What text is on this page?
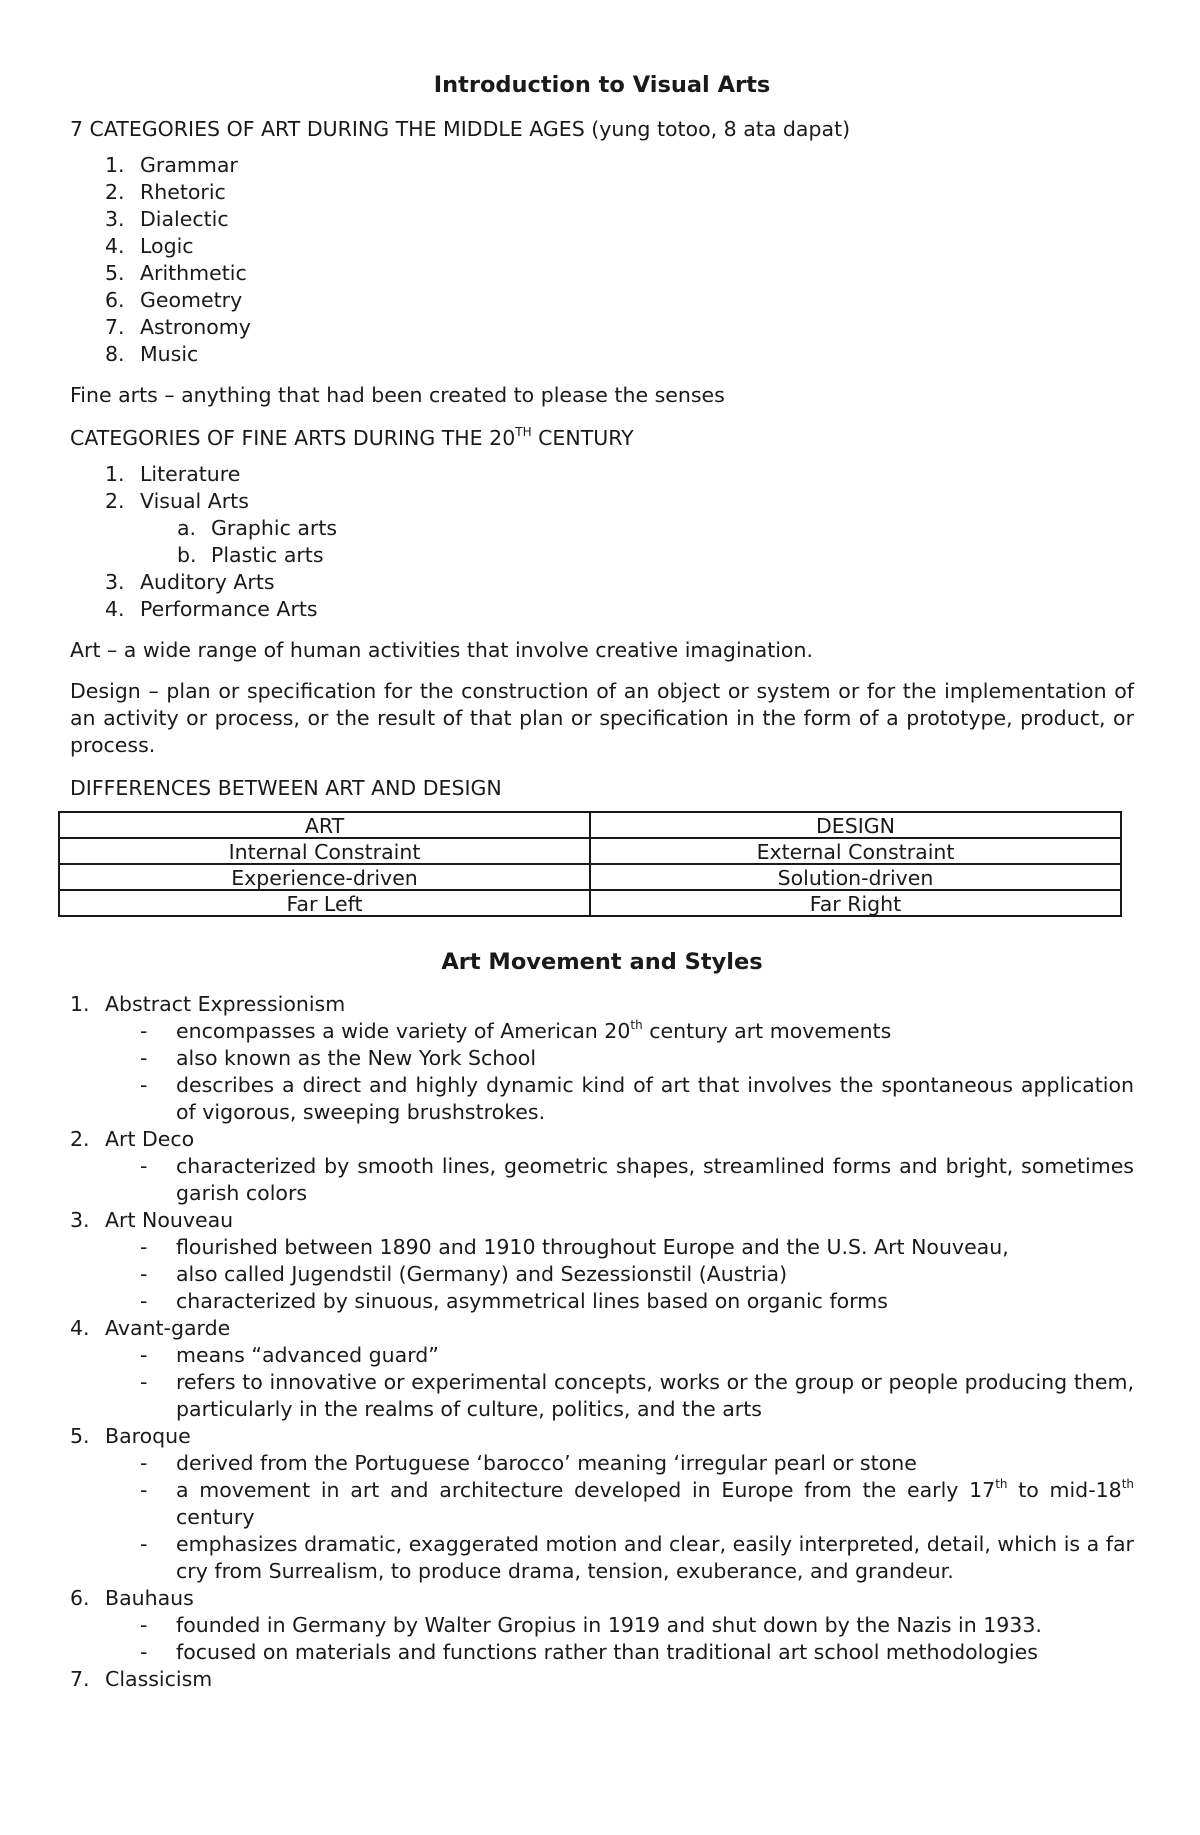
Introduction to Visual Arts
7 CATEGORIES OF ART DURING THE MIDDLE AGES (yung totoo, 8 ata dapat)
1. Grammar
2. Rhetoric
3. Dialectic
4. Logic
5. Arithmetic
6. Geometry
7. Astronomy
8. Music
Fine arts – anything that had been created to please the senses
CATEGORIES OF FINE ARTS DURING THE 20TH CENTURY
1. Literature
2. Visual Arts
a. Graphic arts
b. Plastic arts
3. Auditory Arts
4. Performance Arts
Art – a wide range of human activities that involve creative imagination.
Design – plan or specification for the construction of an object or system or for the implementation of an activity or process, or the result of that plan or specification in the form of a prototype, product, or process.
DIFFERENCES BETWEEN ART AND DESIGN
ART	DESIGN
Internal Constraint	External Constraint
Experience-driven	Solution-driven
Far Left	Far Right
Art Movement and Styles
1. Abstract Expressionism
- encompasses a wide variety of American 20th century art movements
- also known as the New York School
- describes a direct and highly dynamic kind of art that involves the spontaneous application of vigorous, sweeping brushstrokes.
2. Art Deco
- characterized by smooth lines, geometric shapes, streamlined forms and bright, sometimes garish colors
3. Art Nouveau
- flourished between 1890 and 1910 throughout Europe and the U.S. Art Nouveau,
- also called Jugendstil (Germany) and Sezessionstil (Austria)
- characterized by sinuous, asymmetrical lines based on organic forms
4. Avant-garde
- means “advanced guard”
- refers to innovative or experimental concepts, works or the group or people producing them, particularly in the realms of culture, politics, and the arts
5. Baroque
- derived from the Portuguese ‘barocco’ meaning ‘irregular pearl or stone
- a movement in art and architecture developed in Europe from the early 17th to mid-18th century
- emphasizes dramatic, exaggerated motion and clear, easily interpreted, detail, which is a far cry from Surrealism, to produce drama, tension, exuberance, and grandeur.
6. Bauhaus
- founded in Germany by Walter Gropius in 1919 and shut down by the Nazis in 1933.
- focused on materials and functions rather than traditional art school methodologies
7. Classicism
